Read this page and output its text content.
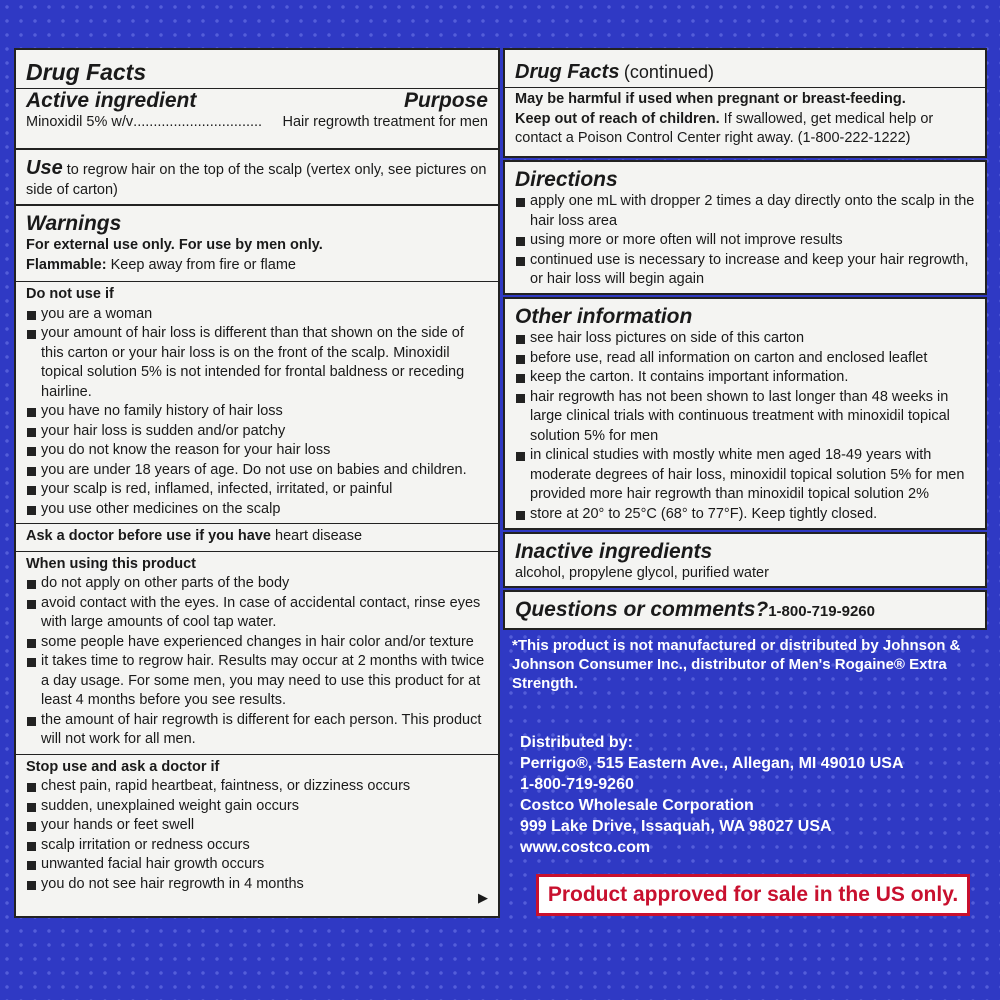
Drug Facts
Active ingredient	Purpose
Minoxidil 5% w/v ................................	Hair regrowth treatment for men
Use to regrow hair on the top of the scalp (vertex only, see pictures on side of carton)
Warnings
For external use only. For use by men only.
Flammable: Keep away from fire or flame
Do not use if
you are a woman
your amount of hair loss is different than that shown on the side of this carton or your hair loss is on the front of the scalp. Minoxidil topical solution 5% is not intended for frontal baldness or receding hairline.
you have no family history of hair loss
your hair loss is sudden and/or patchy
you do not know the reason for your hair loss
you are under 18 years of age. Do not use on babies and children.
your scalp is red, inflamed, infected, irritated, or painful
you use other medicines on the scalp
Ask a doctor before use if you have heart disease
When using this product
do not apply on other parts of the body
avoid contact with the eyes. In case of accidental contact, rinse eyes with large amounts of cool tap water.
some people have experienced changes in hair color and/or texture
it takes time to regrow hair. Results may occur at 2 months with twice a day usage. For some men, you may need to use this product for at least 4 months before you see results.
the amount of hair regrowth is different for each person. This product will not work for all men.
Stop use and ask a doctor if
chest pain, rapid heartbeat, faintness, or dizziness occurs
sudden, unexplained weight gain occurs
your hands or feet swell
scalp irritation or redness occurs
unwanted facial hair growth occurs
you do not see hair regrowth in 4 months
▶
Drug Facts (continued)
May be harmful if used when pregnant or breast-feeding.
Keep out of reach of children. If swallowed, get medical help or contact a Poison Control Center right away. (1-800-222-1222)
Directions
apply one mL with dropper 2 times a day directly onto the scalp in the hair loss area
using more or more often will not improve results
continued use is necessary to increase and keep your hair regrowth, or hair loss will begin again
Other information
see hair loss pictures on side of this carton
before use, read all information on carton and enclosed leaflet
keep the carton. It contains important information.
hair regrowth has not been shown to last longer than 48 weeks in large clinical trials with continuous treatment with minoxidil topical solution 5% for men
in clinical studies with mostly white men aged 18-49 years with moderate degrees of hair loss, minoxidil topical solution 5% for men provided more hair regrowth than minoxidil topical solution 2%
store at 20° to 25°C (68° to 77°F). Keep tightly closed.
Inactive ingredients
alcohol, propylene glycol, purified water
Questions or comments?1-800-719-9260
*This product is not manufactured or distributed by Johnson & Johnson Consumer Inc., distributor of Men's Rogaine® Extra Strength.
Distributed by:
Perrigo®, 515 Eastern Ave., Allegan, MI 49010 USA
1-800-719-9260
Costco Wholesale Corporation
999 Lake Drive, Issaquah, WA 98027 USA
www.costco.com
Product approved for sale in the US only.
